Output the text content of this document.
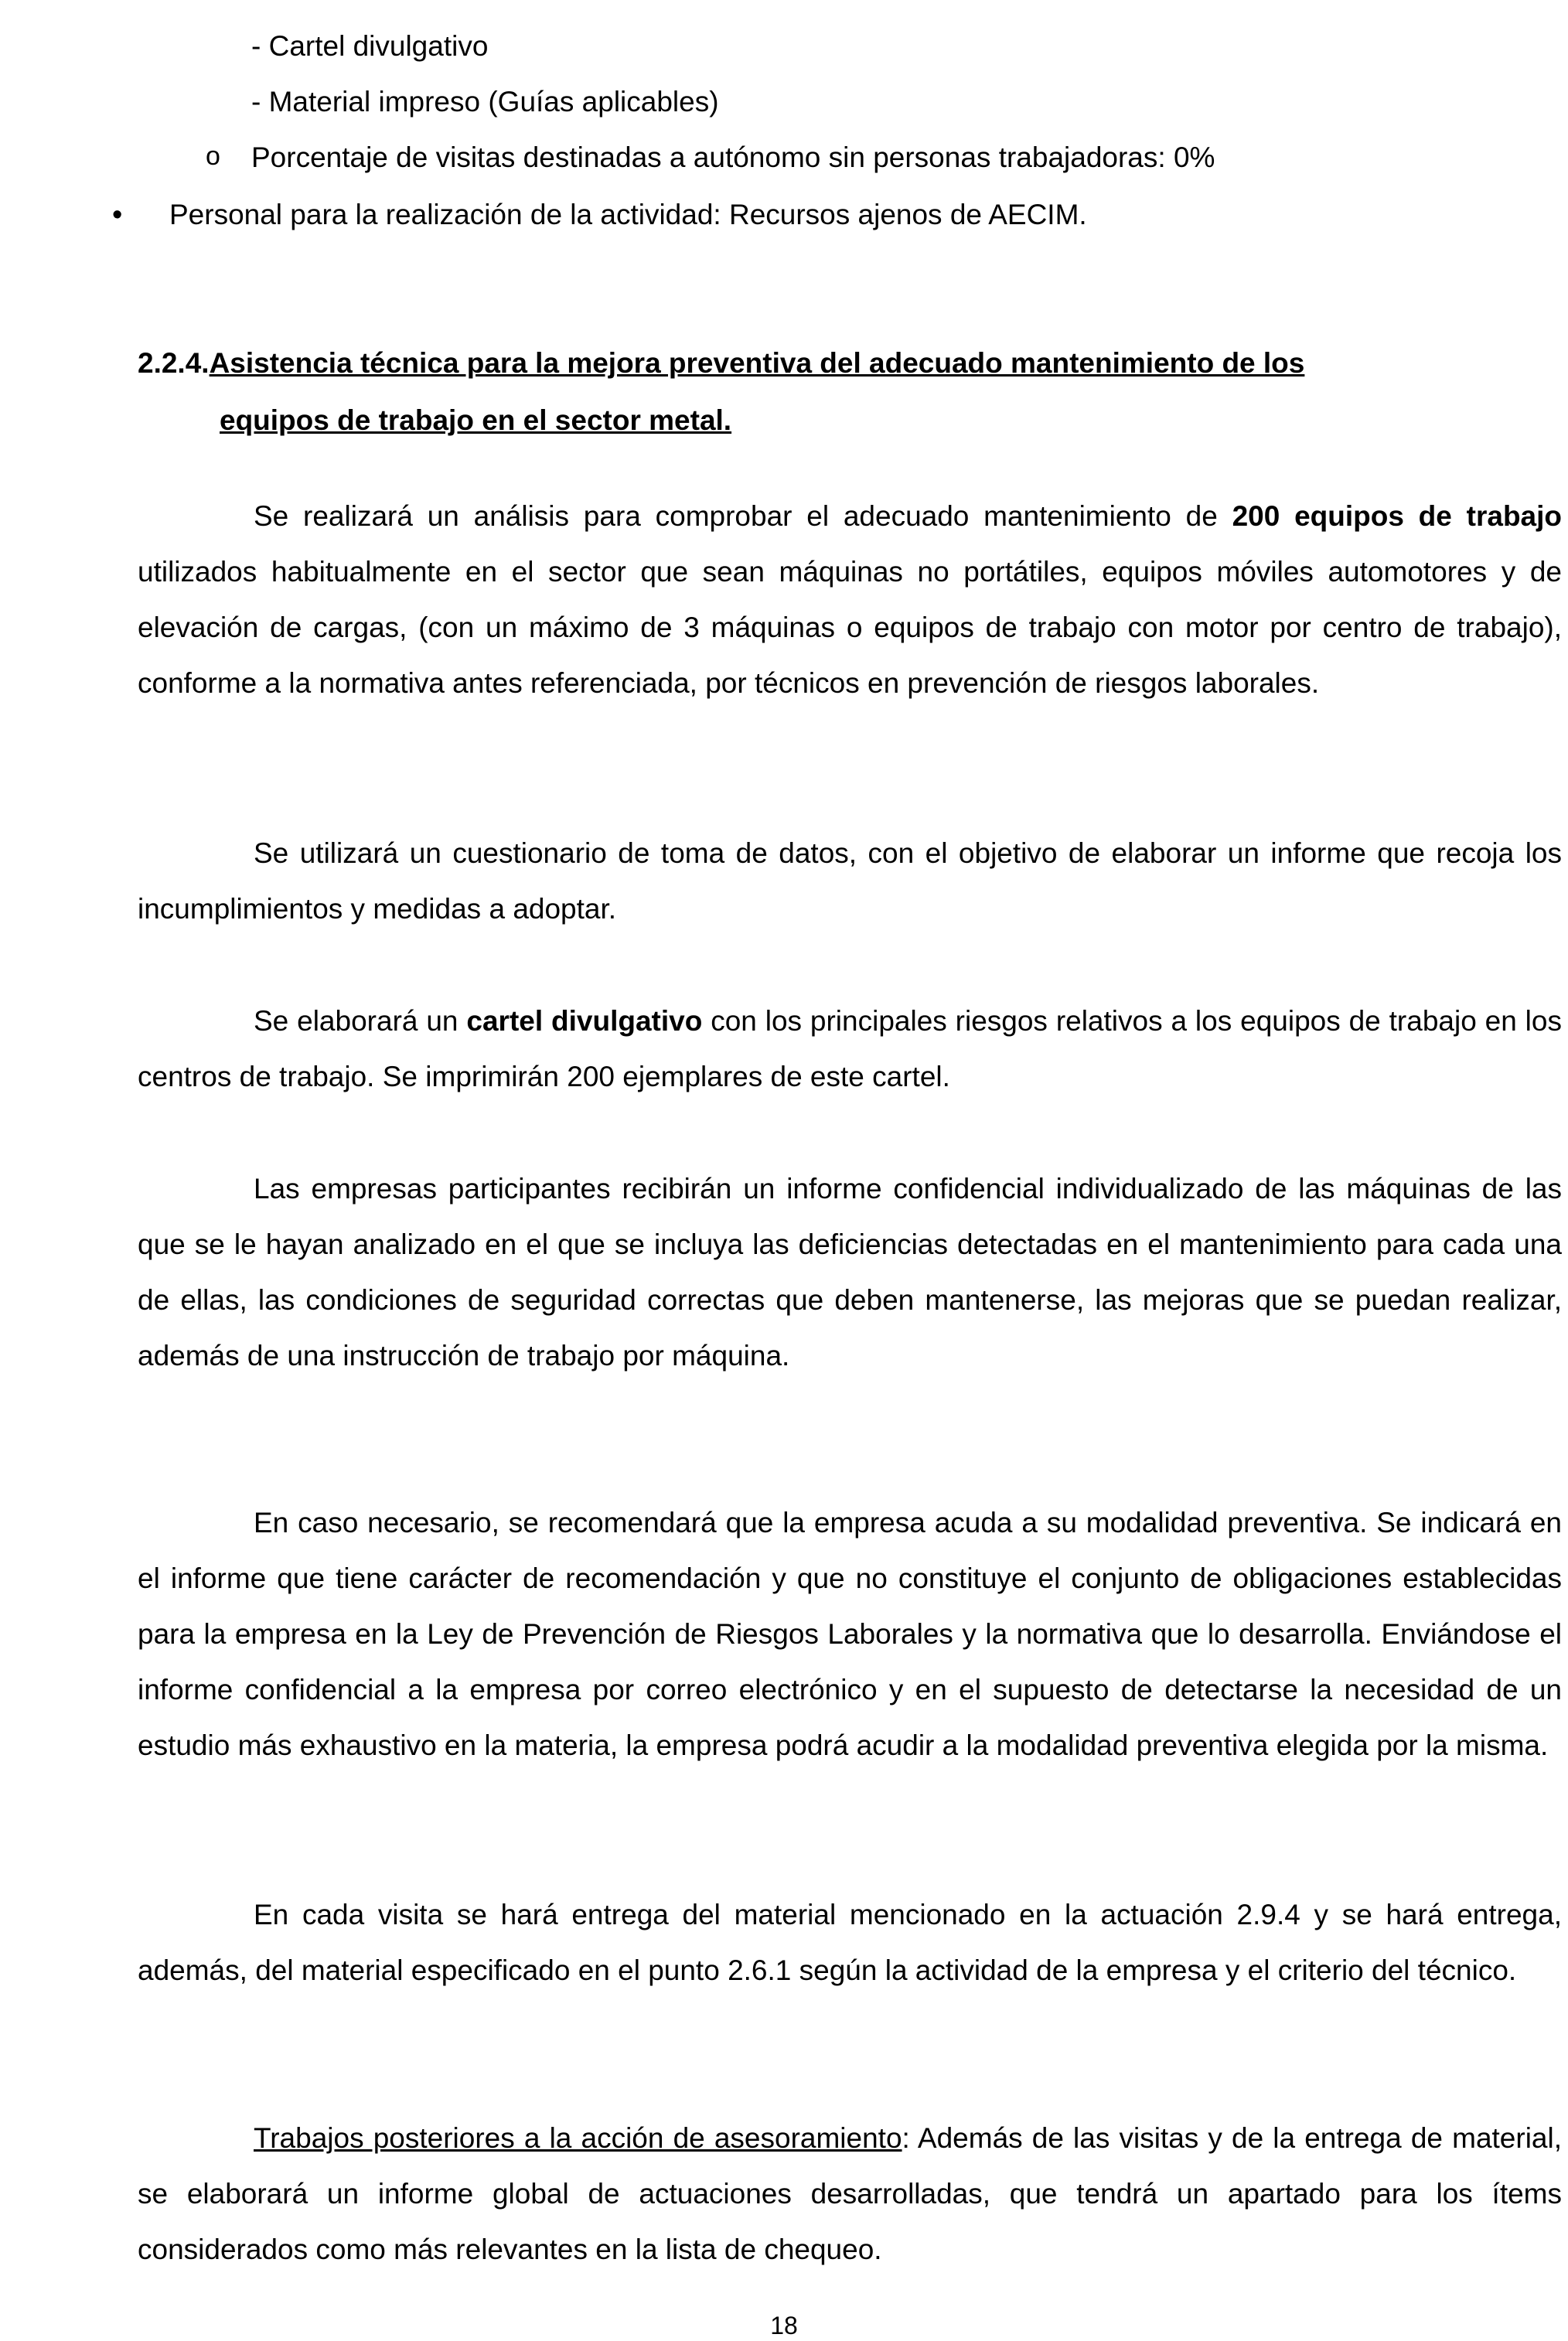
- Cartel divulgativo
- Material impreso (Guías aplicables)
o Porcentaje de visitas destinadas a autónomo sin personas trabajadoras: 0%
• Personal para la realización de la actividad: Recursos ajenos de AECIM.
2.2.4.Asistencia técnica para la mejora preventiva del adecuado mantenimiento de los
equipos de trabajo en el sector metal.
Se realizará un análisis para comprobar el adecuado mantenimiento de 200 equipos de trabajo utilizados habitualmente en el sector que sean máquinas no portátiles, equipos móviles automotores y de elevación de cargas, (con un máximo de 3 máquinas o equipos de trabajo con motor por centro de trabajo), conforme a la normativa antes referenciada, por técnicos en prevención de riesgos laborales.
Se utilizará un cuestionario de toma de datos, con el objetivo de elaborar un informe que recoja los incumplimientos y medidas a adoptar.
Se elaborará un cartel divulgativo con los principales riesgos relativos a los equipos de trabajo en los centros de trabajo. Se imprimirán 200 ejemplares de este cartel.
Las empresas participantes recibirán un informe confidencial individualizado de las máquinas de las que se le hayan analizado en el que se incluya las deficiencias detectadas en el mantenimiento para cada una de ellas, las condiciones de seguridad correctas que deben mantenerse, las mejoras que se puedan realizar, además de una instrucción de trabajo por máquina.
En caso necesario, se recomendará que la empresa acuda a su modalidad preventiva. Se indicará en el informe que tiene carácter de recomendación y que no constituye el conjunto de obligaciones establecidas para la empresa en la Ley de Prevención de Riesgos Laborales y la normativa que lo desarrolla. Enviándose el informe confidencial a la empresa por correo electrónico y en el supuesto de detectarse la necesidad de un estudio más exhaustivo en la materia, la empresa podrá acudir a la modalidad preventiva elegida por la misma.
En cada visita se hará entrega del material mencionado en la actuación 2.9.4 y se hará entrega, además, del material especificado en el punto 2.6.1 según la actividad de la empresa y el criterio del técnico.
Trabajos posteriores a la acción de asesoramiento: Además de las visitas y de la entrega de material, se elaborará un informe global de actuaciones desarrolladas, que tendrá un apartado para los ítems considerados como más relevantes en la lista de chequeo.
18
